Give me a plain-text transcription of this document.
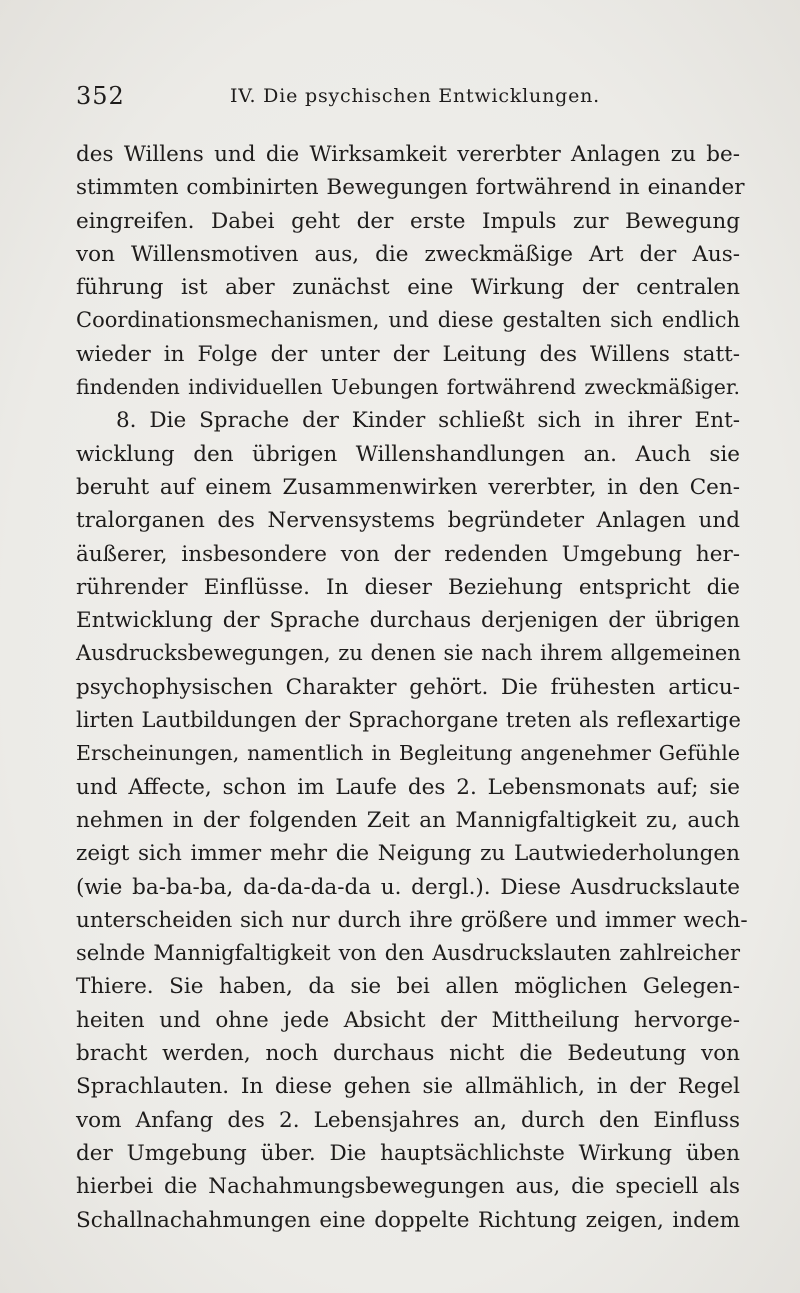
352	IV. Die psychischen Entwicklungen.
des Willens und die Wirksamkeit vererbter Anlagen zu be-
stimmten combinirten Bewegungen fortwährend in einander
eingreifen. Dabei geht der erste Impuls zur Bewegung
von Willensmotiven aus, die zweckmäßige Art der Aus-
führung ist aber zunächst eine Wirkung der centralen
Coordinationsmechanismen, und diese gestalten sich endlich
wieder in Folge der unter der Leitung des Willens statt-
findenden individuellen Uebungen fortwährend zweckmäßiger.
8. Die Sprache der Kinder schließt sich in ihrer Ent-
wicklung den übrigen Willenshandlungen an. Auch sie
beruht auf einem Zusammenwirken vererbter, in den Cen-
tralorganen des Nervensystems begründeter Anlagen und
äußerer, insbesondere von der redenden Umgebung her-
rührender Einflüsse. In dieser Beziehung entspricht die
Entwicklung der Sprache durchaus derjenigen der übrigen
Ausdrucksbewegungen, zu denen sie nach ihrem allgemeinen
psychophysischen Charakter gehört. Die frühesten articu-
lirten Lautbildungen der Sprachorgane treten als reflexartige
Erscheinungen, namentlich in Begleitung angenehmer Gefühle
und Affecte, schon im Laufe des 2. Lebensmonats auf; sie
nehmen in der folgenden Zeit an Mannigfaltigkeit zu, auch
zeigt sich immer mehr die Neigung zu Lautwiederholungen
(wie ba-ba-ba, da-da-da-da u. dergl.). Diese Ausdruckslaute
unterscheiden sich nur durch ihre größere und immer wech-
selnde Mannigfaltigkeit von den Ausdruckslauten zahlreicher
Thiere. Sie haben, da sie bei allen möglichen Gelegen-
heiten und ohne jede Absicht der Mittheilung hervorge-
bracht werden, noch durchaus nicht die Bedeutung von
Sprachlauten. In diese gehen sie allmählich, in der Regel
vom Anfang des 2. Lebensjahres an, durch den Einfluss
der Umgebung über. Die hauptsächlichste Wirkung üben
hierbei die Nachahmungsbewegungen aus, die speciell als
Schallnachahmungen eine doppelte Richtung zeigen, indem
